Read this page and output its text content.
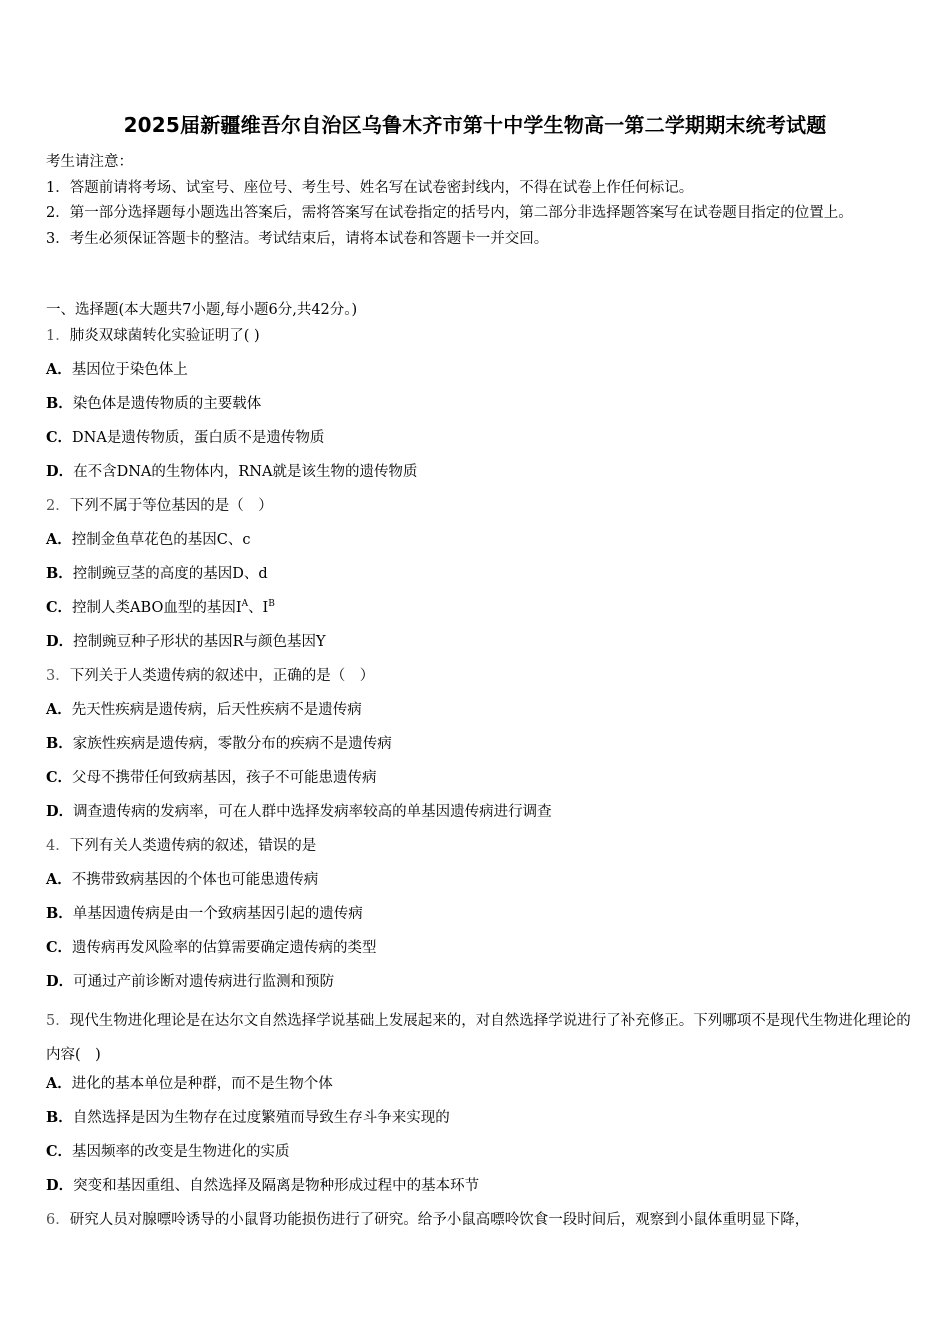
2025届新疆维吾尔自治区乌鲁木齐市第十中学生物高一第二学期期末统考试题
考生请注意：
1．答题前请将考场、试室号、座位号、考生号、姓名写在试卷密封线内，不得在试卷上作任何标记。
2．第一部分选择题每小题选出答案后，需将答案写在试卷指定的括号内，第二部分非选择题答案写在试卷题目指定的位置上。
3．考生必须保证答题卡的整洁。考试结束后，请将本试卷和答题卡一并交回。
一、选择题(本大题共7小题,每小题6分,共42分。)
1．肺炎双球菌转化实验证明了( )
A．基因位于染色体上
B．染色体是遗传物质的主要载体
C．DNA是遗传物质，蛋白质不是遗传物质
D．在不含DNA的生物体内，RNA就是该生物的遗传物质
2．下列不属于等位基因的是（　）
A．控制金鱼草花色的基因C、c
B．控制豌豆茎的高度的基因D、d
C．控制人类ABO血型的基因$I^A$、$I^B$
D．控制豌豆种子形状的基因R与颜色基因Y
3．下列关于人类遗传病的叙述中，正确的是（　）
A．先天性疾病是遗传病，后天性疾病不是遗传病
B．家族性疾病是遗传病，零散分布的疾病不是遗传病
C．父母不携带任何致病基因，孩子不可能患遗传病
D．调查遗传病的发病率，可在人群中选择发病率较高的单基因遗传病进行调查
4．下列有关人类遗传病的叙述，错误的是
A．不携带致病基因的个体也可能患遗传病
B．单基因遗传病是由一个致病基因引起的遗传病
C．遗传病再发风险率的估算需要确定遗传病的类型
D．可通过产前诊断对遗传病进行监测和预防
5．现代生物进化理论是在达尔文自然选择学说基础上发展起来的，对自然选择学说进行了补充修正。下列哪项不是现代生物进化理论的内容(　)
A．进化的基本单位是种群，而不是生物个体
B．自然选择是因为生物存在过度繁殖而导致生存斗争来实现的
C．基因频率的改变是生物进化的实质
D．突变和基因重组、自然选择及隔离是物种形成过程中的基本环节
6．研究人员对腺嘌呤诱导的小鼠肾功能损伤进行了研究。给予小鼠高嘌呤饮食一段时间后，观察到小鼠体重明显下降，
